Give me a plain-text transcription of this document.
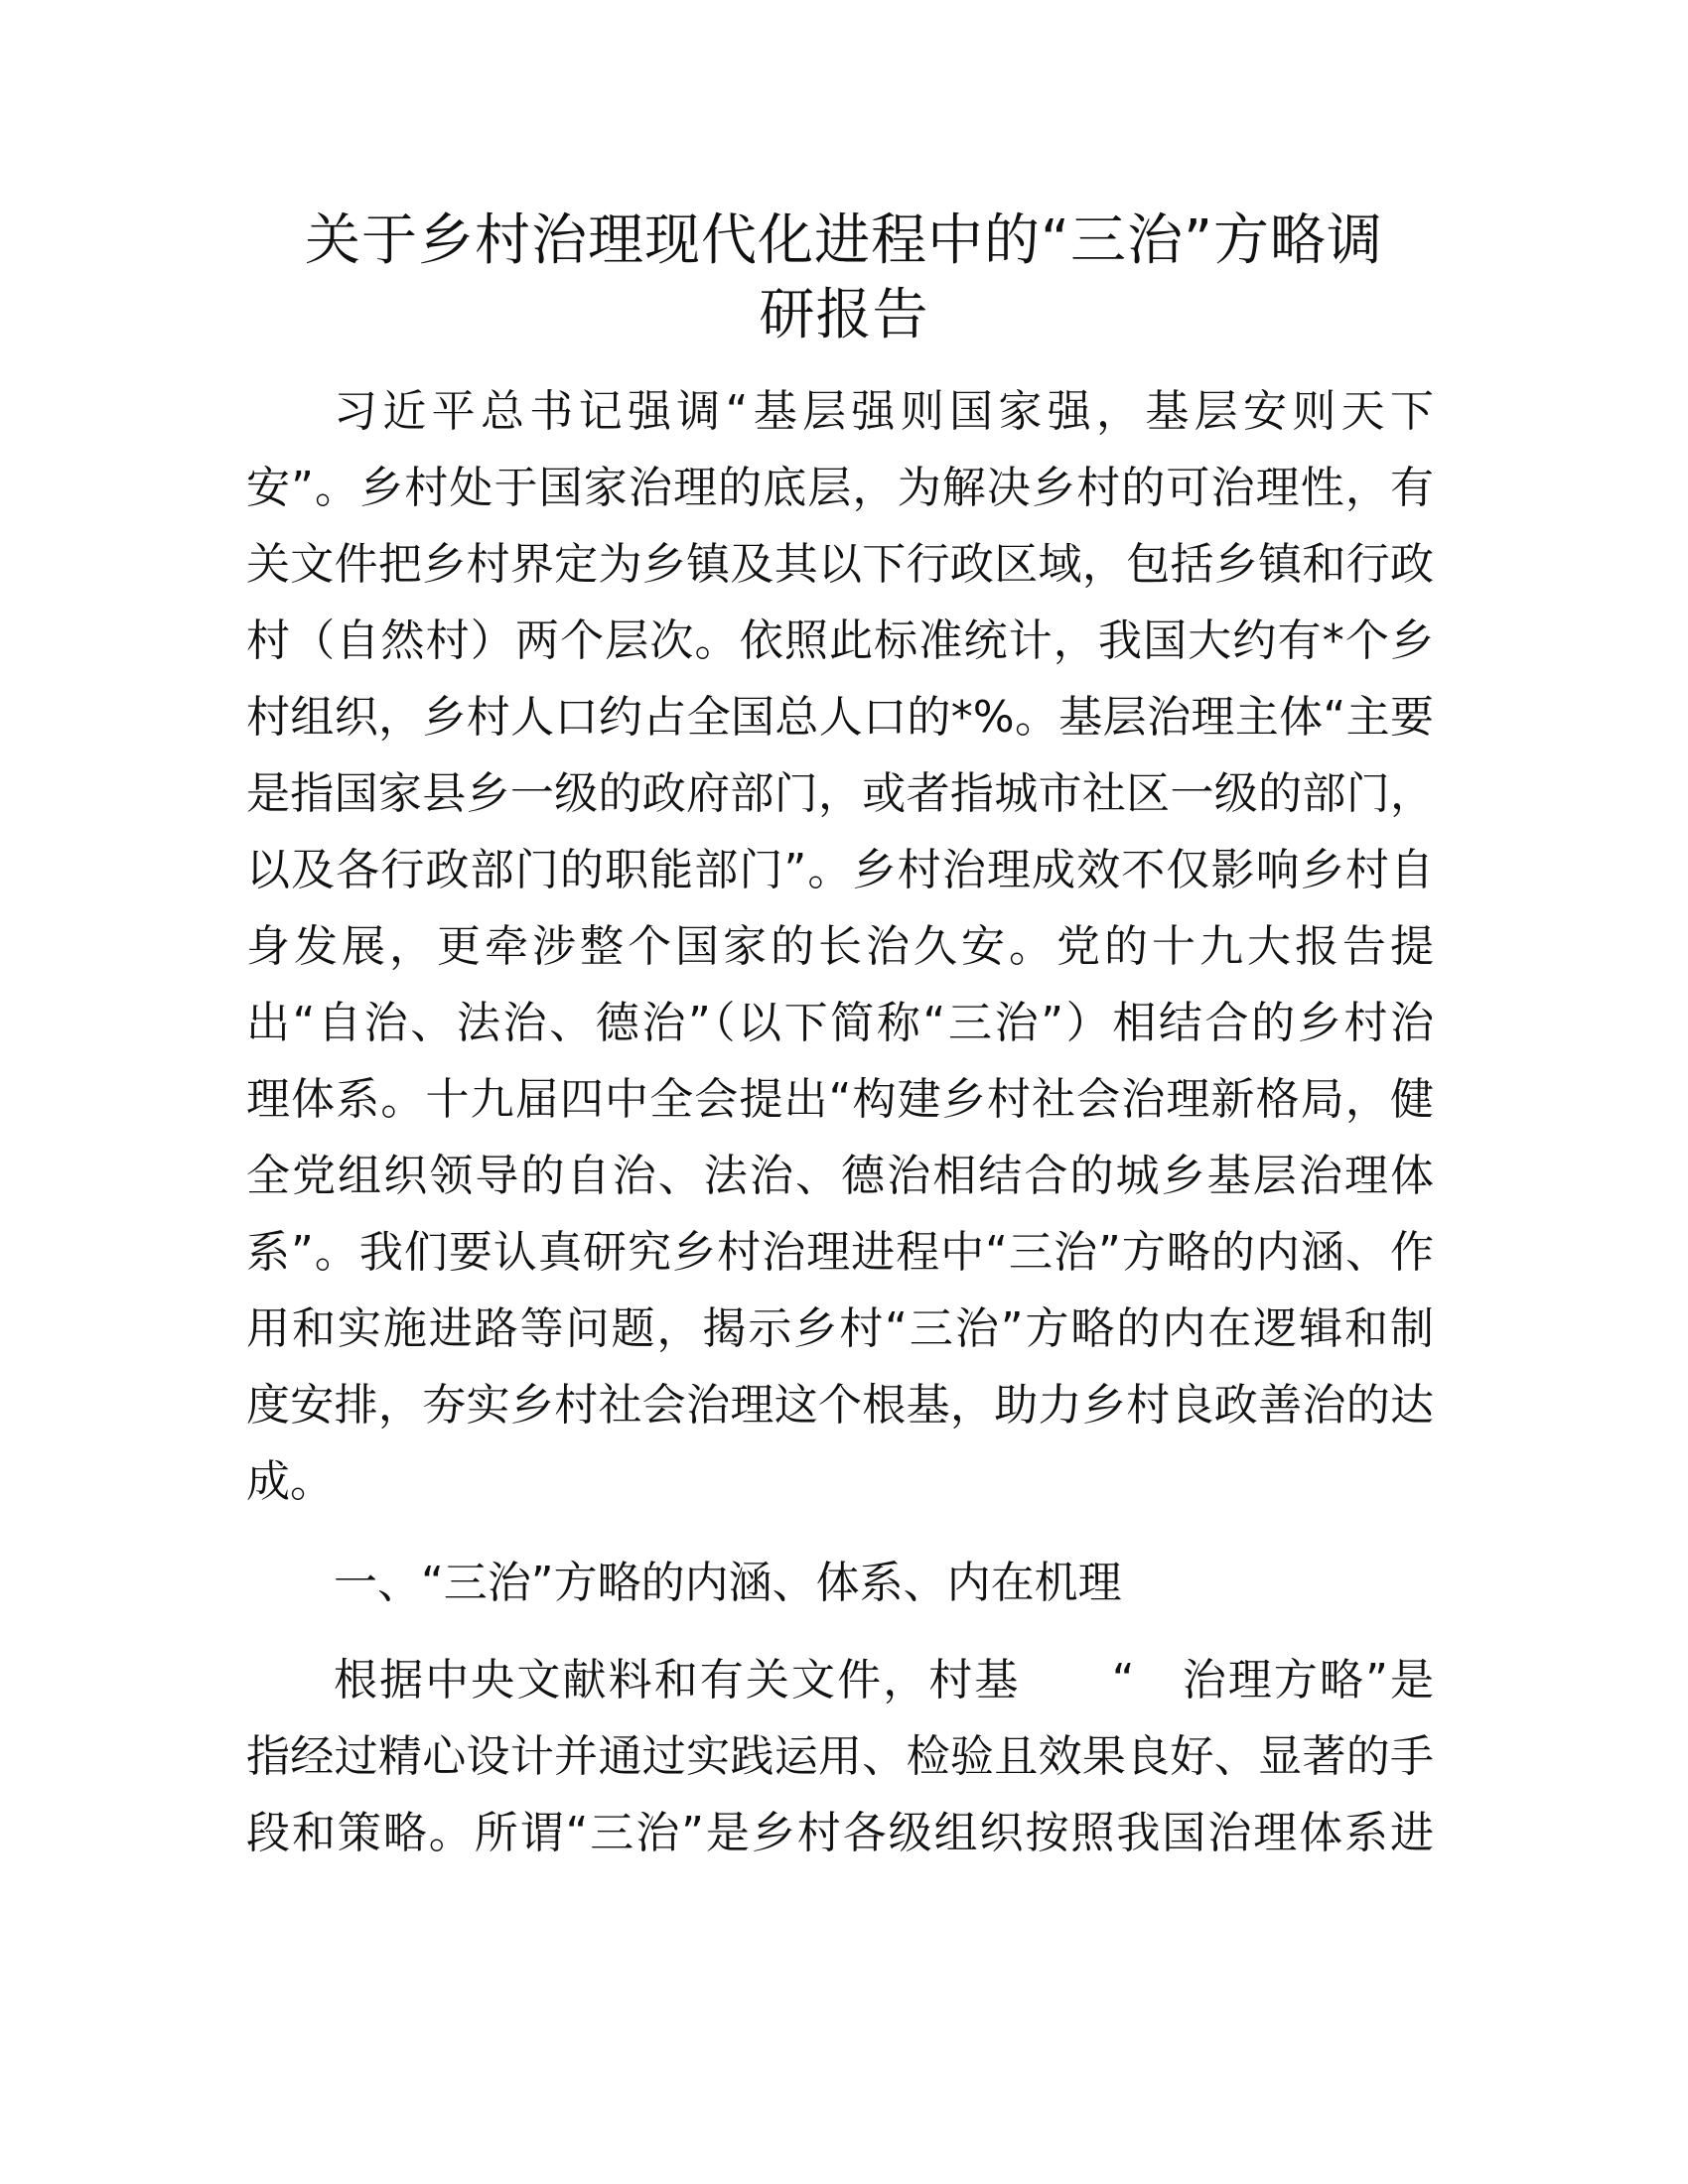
关于乡村治理现代化进程中的“三治”方略调
研报告

习近平总书记强调“基层强则国家强，基层安则天下

安”。乡村处于国家治理的底层，为解决乡村的可治理性，有

关文件把乡村界定为乡镇及其以下行政区域，包括乡镇和行政

村（自然村）两个层次。依照此标准统计，我国大约有*个乡

村组织，乡村人口约占全国总人口的*%。基层治理主体“主要

是指国家县乡一级的政府部门，或者指城市社区一级的部门，

以及各行政部门的职能部门”。乡村治理成效不仅影响乡村自

身发展，更牵涉整个国家的长治久安。党的十九大报告提

出“自治、法治、德治”（以下简称“三治”）相结合的乡村治

理体系。十九届四中全会提出“构建乡村社会治理新格局，健

全党组织领导的自治、法治、德治相结合的城乡基层治理体

系”。我们要认真研究乡村治理进程中“三治”方略的内涵、作

用和实施进路等问题，揭示乡村“三治”方略的内在逻辑和制

度安排，夯实乡村社会治理这个根基，助力乡村良政善治的达

成。

一、“三治”方略的内涵、体系、内在机理

根据中央文献料和有关文件，村基　　“　治理方略”是

指经过精心设计并通过实践运用、检验且效果良好、显著的手

段和策略。所谓“三治”是乡村各级组织按照我国治理体系进
